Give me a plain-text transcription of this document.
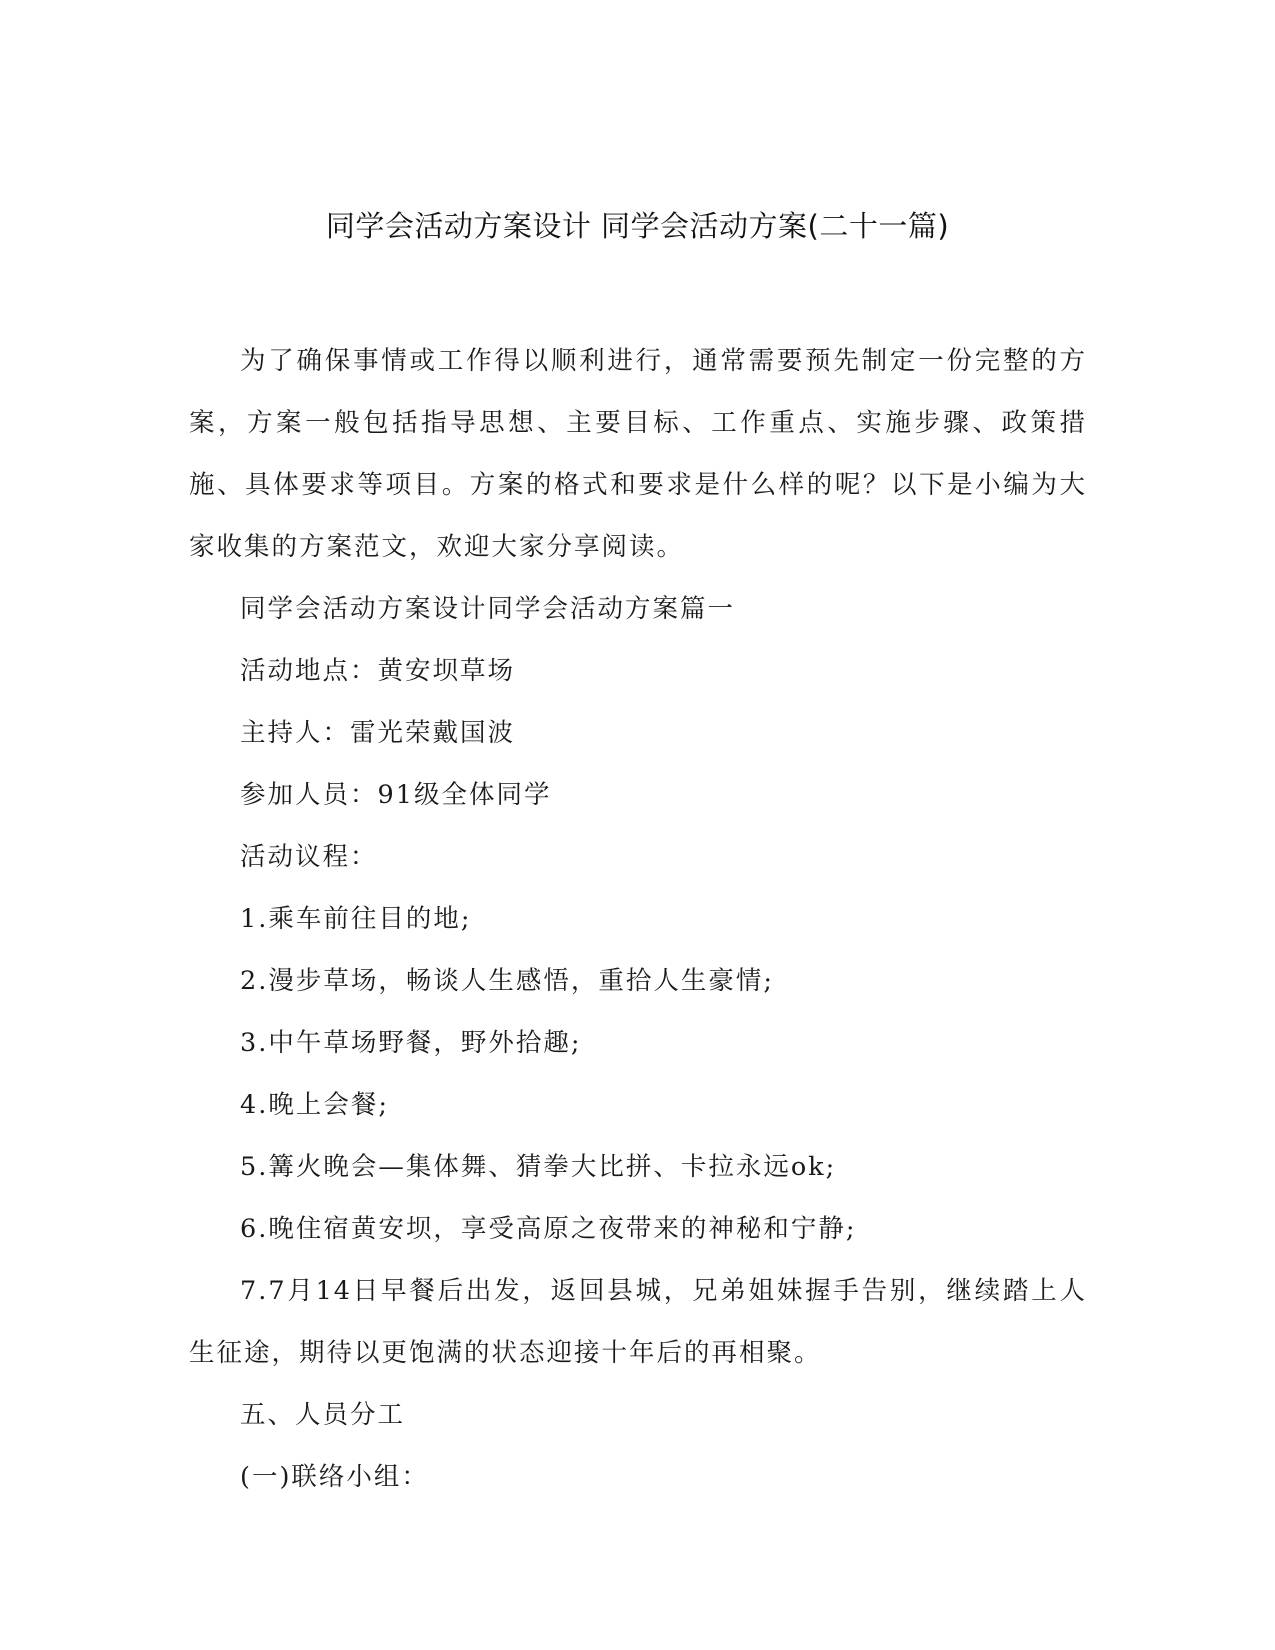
同学会活动方案设计 同学会活动方案(二十一篇)

为了确保事情或工作得以顺利进行，通常需要预先制定一份完整的方案，方案一般包括指导思想、主要目标、工作重点、实施步骤、政策措施、具体要求等项目。方案的格式和要求是什么样的呢？以下是小编为大家收集的方案范文，欢迎大家分享阅读。

同学会活动方案设计同学会活动方案篇一

活动地点：黄安坝草场

主持人：雷光荣戴国波

参加人员：91级全体同学

活动议程：

1.乘车前往目的地;

2.漫步草场，畅谈人生感悟，重拾人生豪情;

3.中午草场野餐，野外拾趣;

4.晚上会餐;

5.篝火晚会—集体舞、猜拳大比拼、卡拉永远ok;

6.晚住宿黄安坝，享受高原之夜带来的神秘和宁静;

7.7月14日早餐后出发，返回县城，兄弟姐妹握手告别，继续踏上人生征途，期待以更饱满的状态迎接十年后的再相聚。

五、人员分工

(一)联络小组：
